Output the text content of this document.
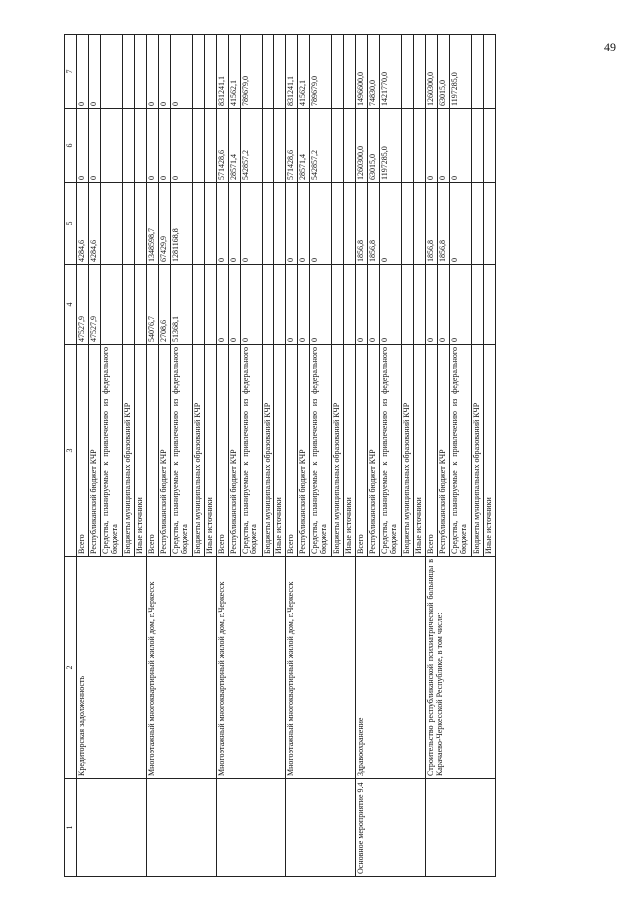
49
1	2	3	4	5	6	7
	Кредиторская задолженность	Всего	47527,9	4284,6	0	0
		Республиканский бюджет КЧР	47527,9	4284,6	0	0
		Средства, планируемые к привлечению из федерального бюджета				
		Бюджеты муниципальных образований КЧР				
		Иные источники				
	Многоэтажный многоквартирный жилой дом, г.Черкесск	Всего	54076,7	1348598,7	0	0
		Республиканский бюджет КЧР	2708,6	67429,9	0	0
		Средства, планируемые к привлечению из федерального бюджета	51368,1	1281168,8	0	0
		Бюджеты муниципальных образований КЧР				
		Иные источники				
	Многоэтажный многоквартирный жилой дом, г.Черкесск	Всего	0	0	571428,6	831241,1
		Республиканский бюджет КЧР	0	0	28571,4	41562,1
		Средства, планируемые к привлечению из федерального бюджета	0	0	542857,2	789679,0
		Бюджеты муниципальных образований КЧР				
		Иные источники				
	Многоэтажный многоквартирный жилой дом, г.Черкесск	Всего	0	0	571428,6	831241,1
		Республиканский бюджет КЧР	0	0	28571,4	41562,1
		Средства, планируемые к привлечению из федерального бюджета	0	0	542857,2	789679,0
		Бюджеты муниципальных образований КЧР				
		Иные источники				
Основное мероприятие 9.4	Здравоохранение	Всего	0	1856,8	1260300,0	1496600,0
		Республиканский бюджет КЧР	0	1856,8	63015,0	74830,0
		Средства, планируемые к привлечению из федерального бюджета	0	0	1197285,0	1421770,0
		Бюджеты муниципальных образований КЧР				
		Иные источники				
	Строительство республиканской психиатрической больницы в Карачаево-Черкесской Республике, в том числе:	Всего	0	1856,8	0	1260300,0
		Республиканский бюджет КЧР	0	1856,8	0	63015,0
		Средства, планируемые к привлечению из федерального бюджета	0	0	0	1197285,0
		Бюджеты муниципальных образований КЧР				
		Иные источники				
